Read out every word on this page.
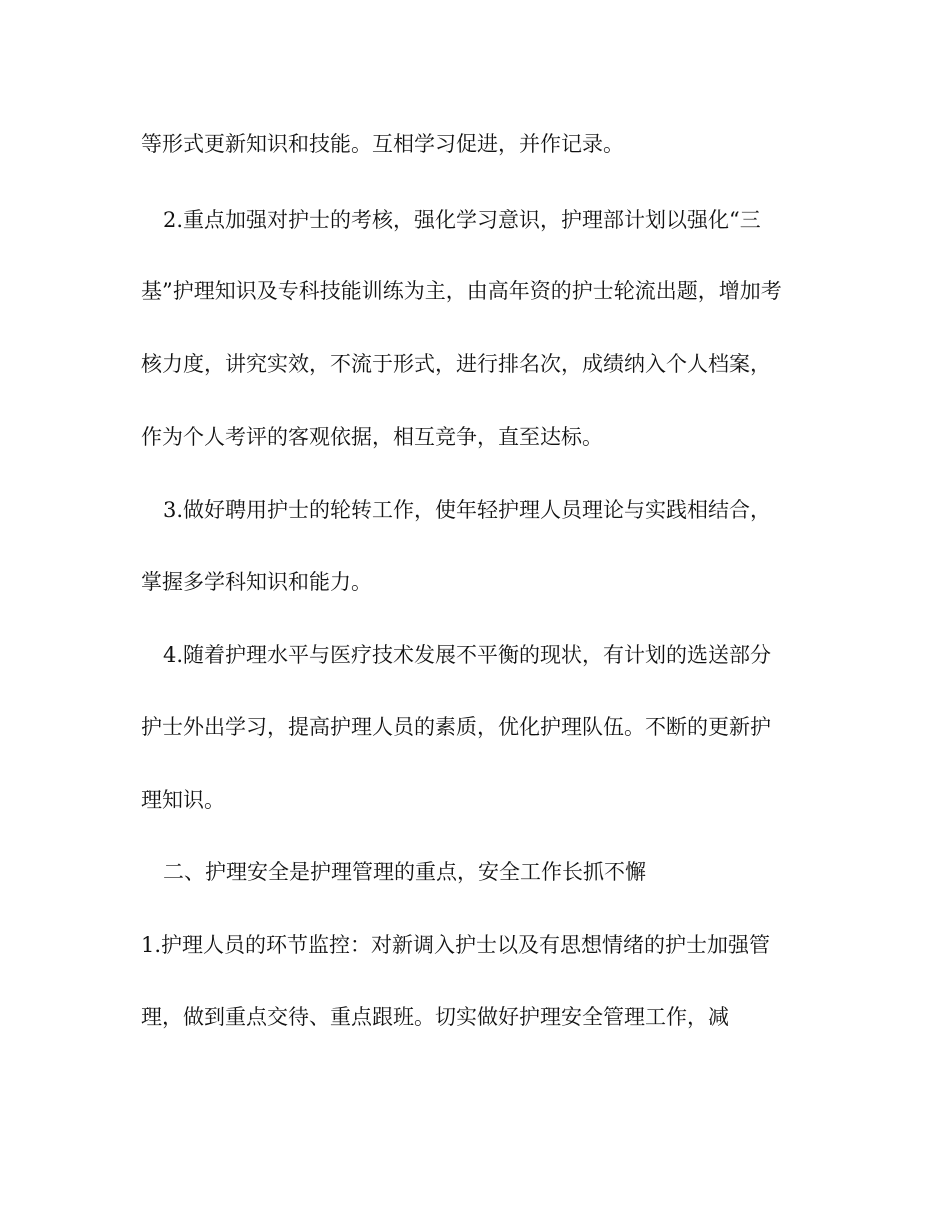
等形式更新知识和技能。互相学习促进，并作记录。
2.重点加强对护士的考核，强化学习意识，护理部计划以强化“三
基”护理知识及专科技能训练为主，由高年资的护士轮流出题，增加考
核力度，讲究实效，不流于形式，进行排名次，成绩纳入个人档案，
作为个人考评的客观依据，相互竞争，直至达标。
3.做好聘用护士的轮转工作，使年轻护理人员理论与实践相结合，
掌握多学科知识和能力。
4.随着护理水平与医疗技术发展不平衡的现状，有计划的选送部分
护士外出学习，提高护理人员的素质，优化护理队伍。不断的更新护
理知识。
二、护理安全是护理管理的重点，安全工作长抓不懈
1.护理人员的环节监控：对新调入护士以及有思想情绪的护士加强管
理，做到重点交待、重点跟班。切实做好护理安全管理工作，减
